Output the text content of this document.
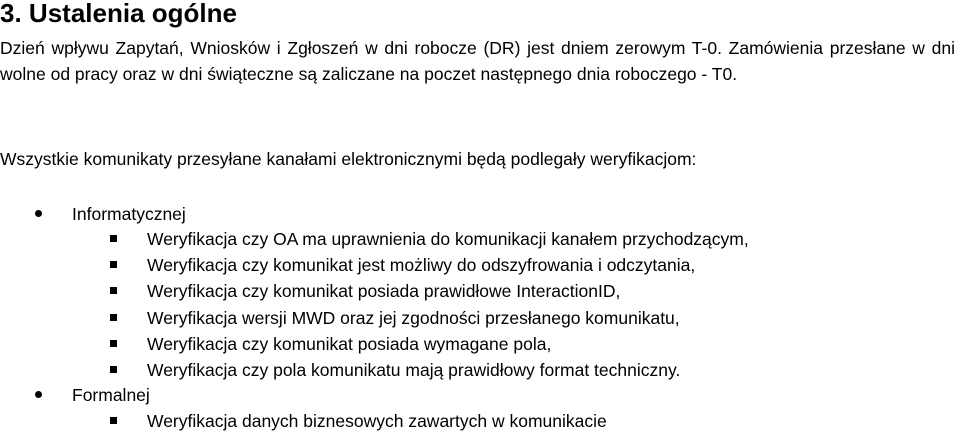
3. Ustalenia ogólne
Dzień wpływu Zapytań, Wniosków i Zgłoszeń w dni robocze (DR) jest dniem zerowym T-0. Zamówienia przesłane w dni wolne od pracy oraz w dni świąteczne są zaliczane na poczet następnego dnia roboczego - T0.
Wszystkie komunikaty przesyłane kanałami elektronicznymi będą podlegały weryfikacjom:
Informatycznej
Weryfikacja czy OA ma uprawnienia do komunikacji kanałem przychodzącym,
Weryfikacja czy komunikat jest możliwy do odszyfrowania i odczytania,
Weryfikacja czy komunikat posiada prawidłowe InteractionID,
Weryfikacja wersji MWD oraz jej zgodności przesłanego komunikatu,
Weryfikacja czy komunikat posiada wymagane pola,
Weryfikacja czy pola komunikatu mają prawidłowy format techniczny.
Formalnej
Weryfikacja danych biznesowych zawartych w komunikacie
